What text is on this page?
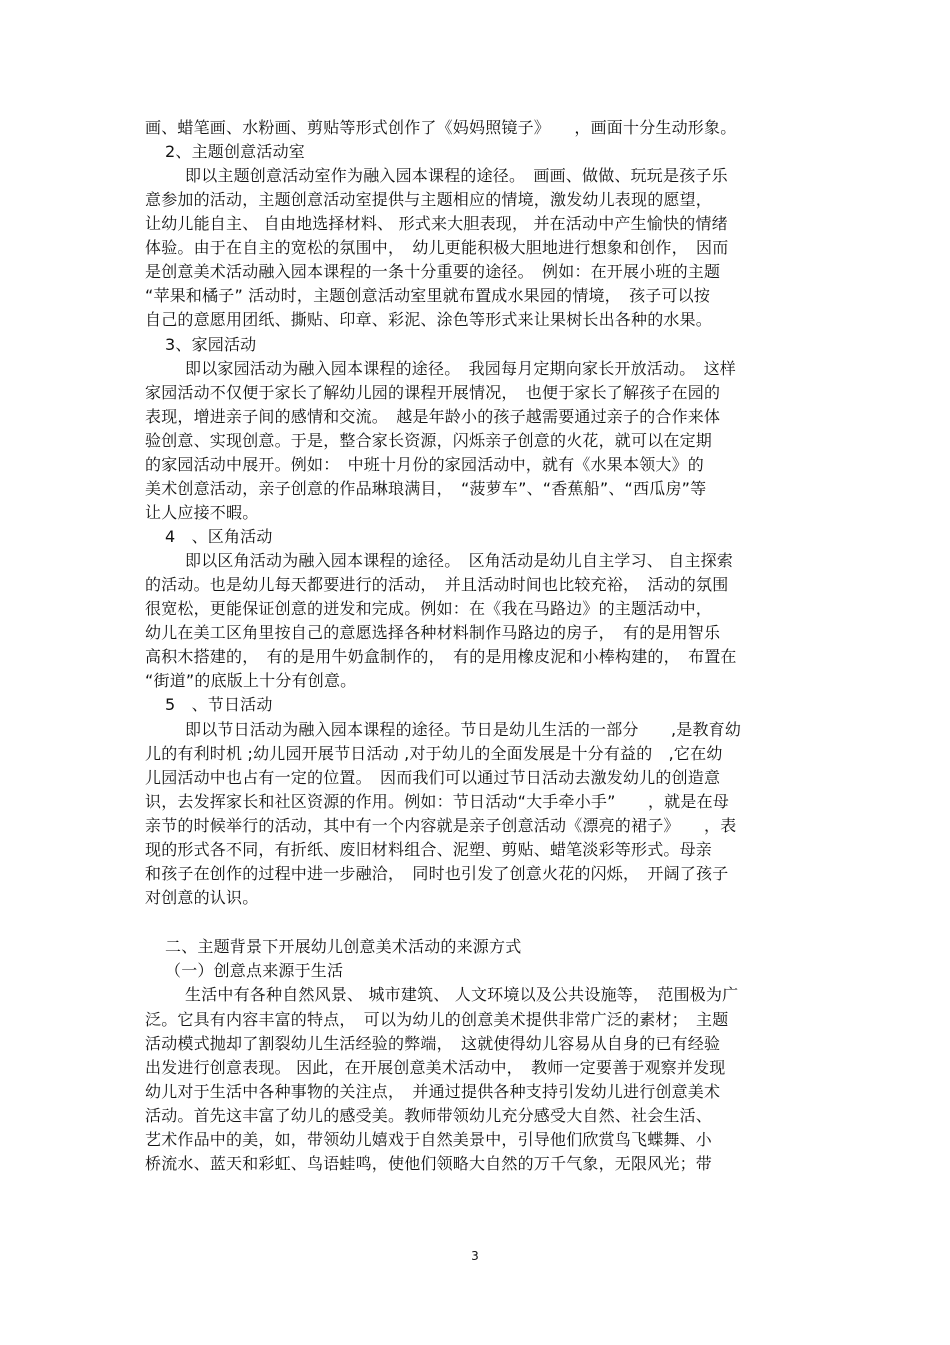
画、蜡笔画、水粉画、剪贴等形式创作了《妈妈照镜子》　　，画面十分生动形象。
2、主题创意活动室
即以主题创意活动室作为融入园本课程的途径。　画画、做做、玩玩是孩子乐
意参加的活动，主题创意活动室提供与主题相应的情境，激发幼儿表现的愿望，
让幼儿能自主、 自由地选择材料、 形式来大胆表现， 并在活动中产生愉快的情绪
体验。由于在自主的宽松的氛围中，　幼儿更能积极大胆地进行想象和创作，　因而
是创意美术活动融入园本课程的一条十分重要的途径。　例如：在开展小班的主题
“苹果和橘子” 活动时，主题创意活动室里就布置成水果园的情境，　孩子可以按
自己的意愿用团纸、撕贴、印章、彩泥、涂色等形式来让果树长出各种的水果。
3、家园活动
即以家园活动为融入园本课程的途径。　我园每月定期向家长开放活动。　这样
家园活动不仅便于家长了解幼儿园的课程开展情况，　也便于家长了解孩子在园的
表现，增进亲子间的感情和交流。　越是年龄小的孩子越需要通过亲子的合作来体
验创意、实现创意。于是，整合家长资源，闪烁亲子创意的火花，就可以在定期
的家园活动中展开。例如：　中班十月份的家园活动中，就有《水果本领大》的
美术创意活动，亲子创意的作品琳琅满目，　“菠萝车”、“香蕉船”、“西瓜房”等
让人应接不暇。
4　、区角活动
即以区角活动为融入园本课程的途径。　区角活动是幼儿自主学习、 自主探索
的活动。也是幼儿每天都要进行的活动，　并且活动时间也比较充裕，　活动的氛围
很宽松，更能保证创意的迸发和完成。例如：在《我在马路边》的主题活动中，
幼儿在美工区角里按自己的意愿选择各种材料制作马路边的房子，　有的是用智乐
高积木搭建的，　有的是用牛奶盒制作的，　有的是用橡皮泥和小棒构建的，　布置在
“街道”的底版上十分有创意。
5　、节日活动
即以节日活动为融入园本课程的途径。节日是幼儿生活的一部分　　,是教育幼
儿的有利时机 ;幼儿园开展节日活动 ,对于幼儿的全面发展是十分有益的　,它在幼
儿园活动中也占有一定的位置。　因而我们可以通过节日活动去激发幼儿的创造意
识，去发挥家长和社区资源的作用。例如：节日活动“大手牵小手”　　，就是在母
亲节的时候举行的活动，其中有一个内容就是亲子创意活动《漂亮的裙子》　　，表
现的形式各不同，有折纸、废旧材料组合、泥塑、剪贴、蜡笔淡彩等形式。母亲
和孩子在创作的过程中进一步融洽，　同时也引发了创意火花的闪烁，　开阔了孩子
对创意的认识。
二、主题背景下开展幼儿创意美术活动的来源方式
（一）创意点来源于生活
生活中有各种自然风景、 城市建筑、 人文环境以及公共设施等，　范围极为广
泛。它具有内容丰富的特点，　可以为幼儿的创意美术提供非常广泛的素材；　主题
活动模式抛却了割裂幼儿生活经验的弊端，　这就使得幼儿容易从自身的已有经验
出发进行创意表现。 因此，在开展创意美术活动中，　教师一定要善于观察并发现
幼儿对于生活中各种事物的关注点，　并通过提供各种支持引发幼儿进行创意美术
活动。首先这丰富了幼儿的感受美。教师带领幼儿充分感受大自然、社会生活、
艺术作品中的美，如，带领幼儿嬉戏于自然美景中，引导他们欣赏鸟飞蝶舞、小
桥流水、蓝天和彩虹、鸟语蛙鸣，使他们领略大自然的万千气象，无限风光；带
3
